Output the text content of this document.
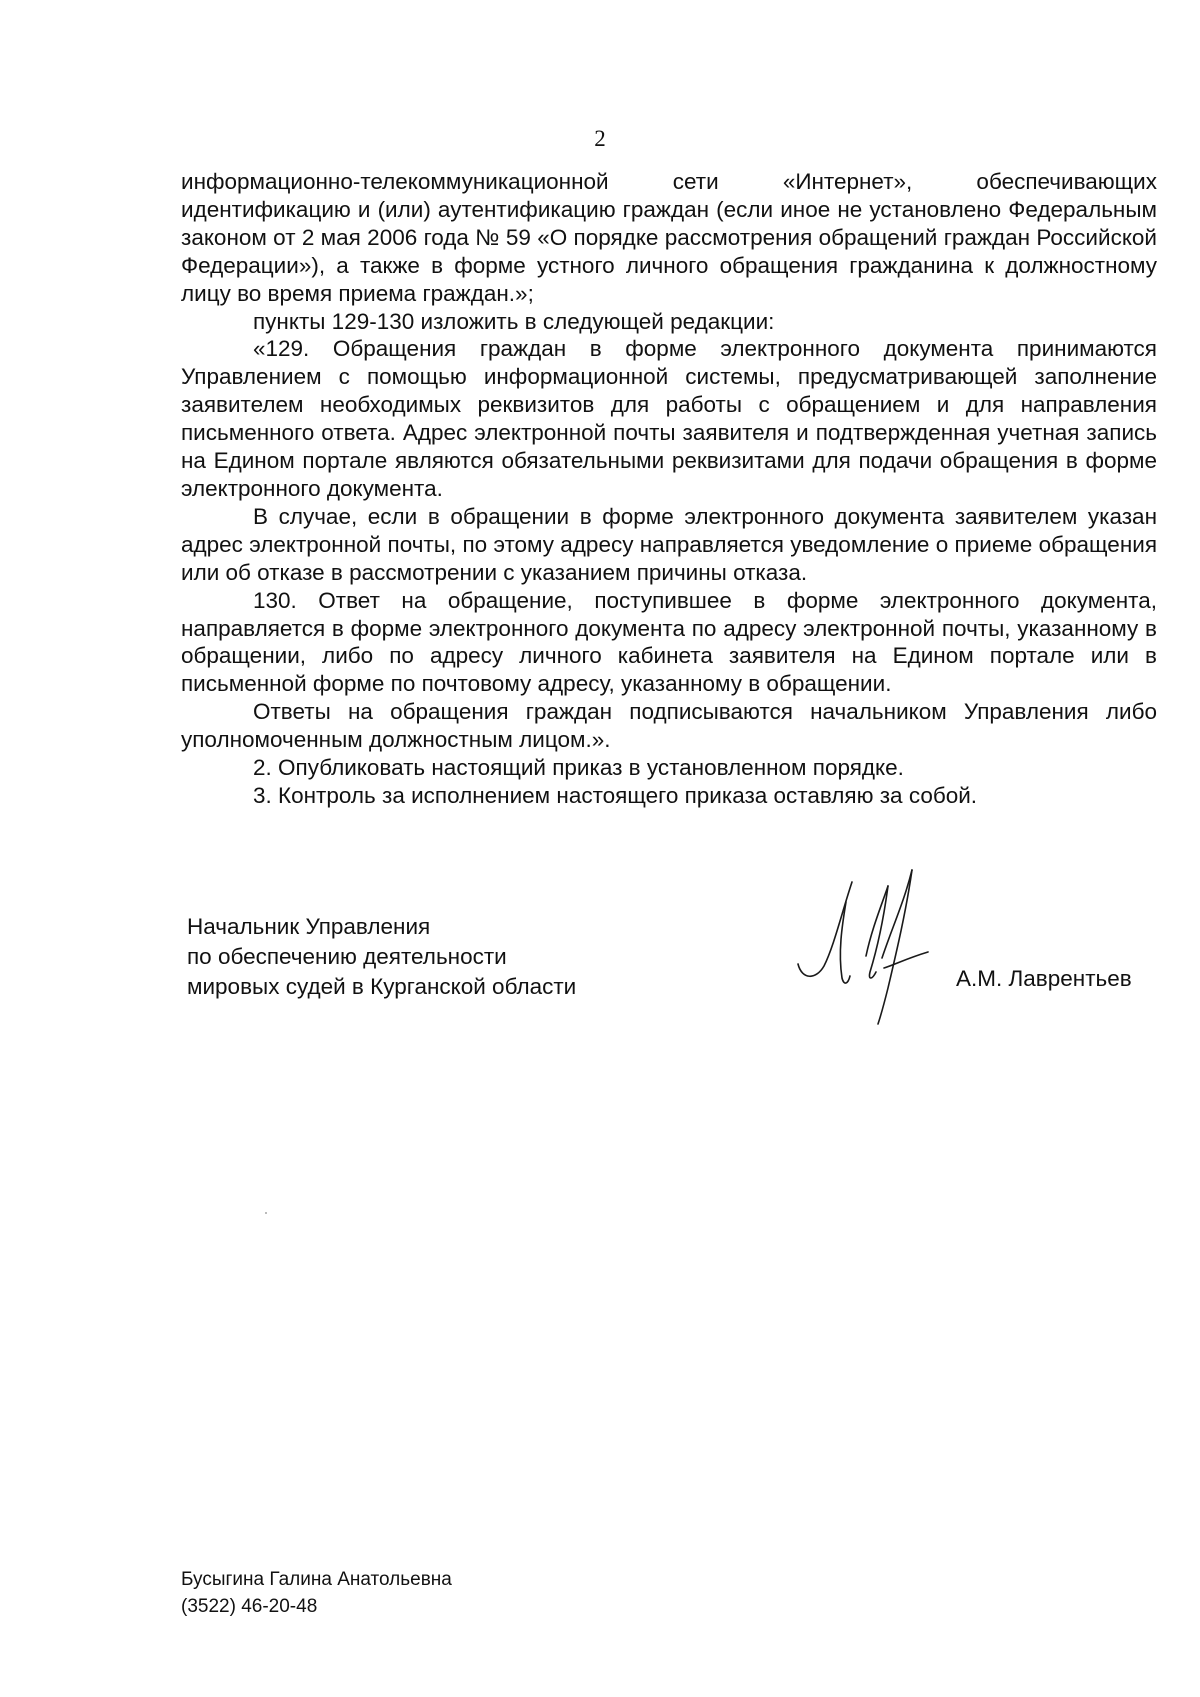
2

информационно-телекоммуникационной сети «Интернет», обеспечивающих идентификацию и (или) аутентификацию граждан (если иное не установлено Федеральным законом от 2 мая 2006 года № 59 «О порядке рассмотрения обращений граждан Российской Федерации»), а также в форме устного личного обращения гражданина к должностному лицу во время приема граждан.»;

пункты 129-130 изложить в следующей редакции:

«129. Обращения граждан в форме электронного документа принимаются Управлением с помощью информационной системы, предусматривающей заполнение заявителем необходимых реквизитов для работы с обращением и для направления письменного ответа. Адрес электронной почты заявителя и подтвержденная учетная запись на Едином портале являются обязательными реквизитами для подачи обращения в форме электронного документа.

В случае, если в обращении в форме электронного документа заявителем указан адрес электронной почты, по этому адресу направляется уведомление о приеме обращения или об отказе в рассмотрении с указанием причины отказа.

130. Ответ на обращение, поступившее в форме электронного документа, направляется в форме электронного документа по адресу электронной почты, указанному в обращении, либо по адресу личного кабинета заявителя на Едином портале или в письменной форме по почтовому адресу, указанному в обращении.

Ответы на обращения граждан подписываются начальником Управления либо уполномоченным должностным лицом.».

2. Опубликовать настоящий приказ в установленном порядке.

3. Контроль за исполнением настоящего приказа оставляю за собой.

Начальник Управления
по обеспечению деятельности
мировых судей в Курганской области	А.М. Лаврентьев
Бусыгина Галина Анатольевна
(3522) 46-20-48
